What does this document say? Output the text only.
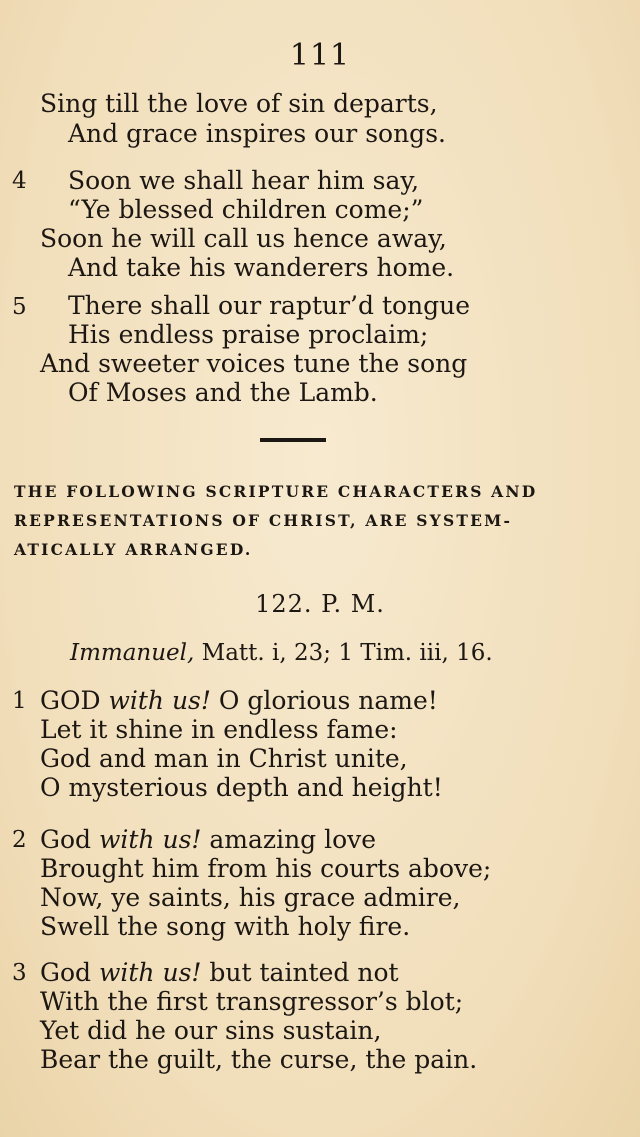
111
Sing till the love of sin departs,
And grace inspires our songs.
4 Soon we shall hear him say,
“Ye blessed children come;”
Soon he will call us hence away,
And take his wanderers home.
5 There shall our raptur’d tongue
His endless praise proclaim;
And sweeter voices tune the song
Of Moses and the Lamb.
THE FOLLOWING SCRIPTURE CHARACTERS AND
REPRESENTATIONS OF CHRIST, ARE SYSTEM-
ATICALLY ARRANGED.
122. P. M.
Immanuel, Matt. i, 23; 1 Tim. iii, 16.
1 GOD with us! O glorious name!
Let it shine in endless fame:
God and man in Christ unite,
O mysterious depth and height!
2 God with us! amazing love
Brought him from his courts above;
Now, ye saints, his grace admire,
Swell the song with holy fire.
3 God with us! but tainted not
With the first transgressor’s blot;
Yet did he our sins sustain,
Bear the guilt, the curse, the pain.
